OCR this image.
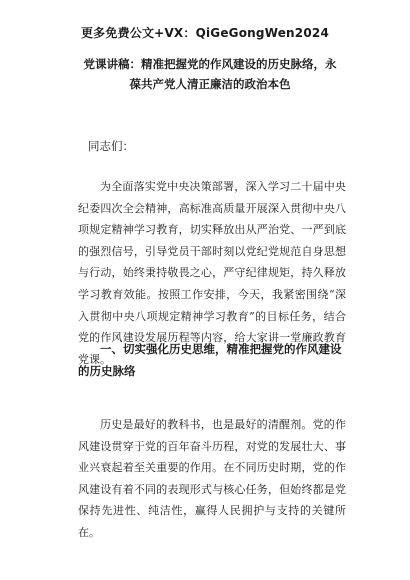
更多免费公文+VX：QiGeGongWen2024
党课讲稿：精准把握党的作风建设的历史脉络，永葆共产党人清正廉洁的政治本色
同志们：

为全面落实党中央决策部署，深入学习二十届中央纪委四次全会精神，高标准高质量开展深入贯彻中央八项规定精神学习教育，切实释放出从严治党、一严到底的强烈信号，引导党员干部时刻以党纪党规范自身思想与行动，始终秉持敬畏之心，严守纪律规矩，持久释放学习教育效能。按照工作安排，今天，我紧密围绕“深入贯彻中央八项规定精神学习教育”的目标任务，结合党的作风建设发展历程等内容，给大家讲一堂廉政教育党课。

一、切实强化历史思维，精准把握党的作风建设的历史脉络

历史是最好的教科书，也是最好的清醒剂。党的作风建设贯穿于党的百年奋斗历程，对党的发展壮大、事业兴衰起着至关重要的作用。在不同历史时期，党的作风建设有着不同的表现形式与核心任务，但始终都是党保持先进性、纯洁性，赢得人民拥护与支持的关键所在。
